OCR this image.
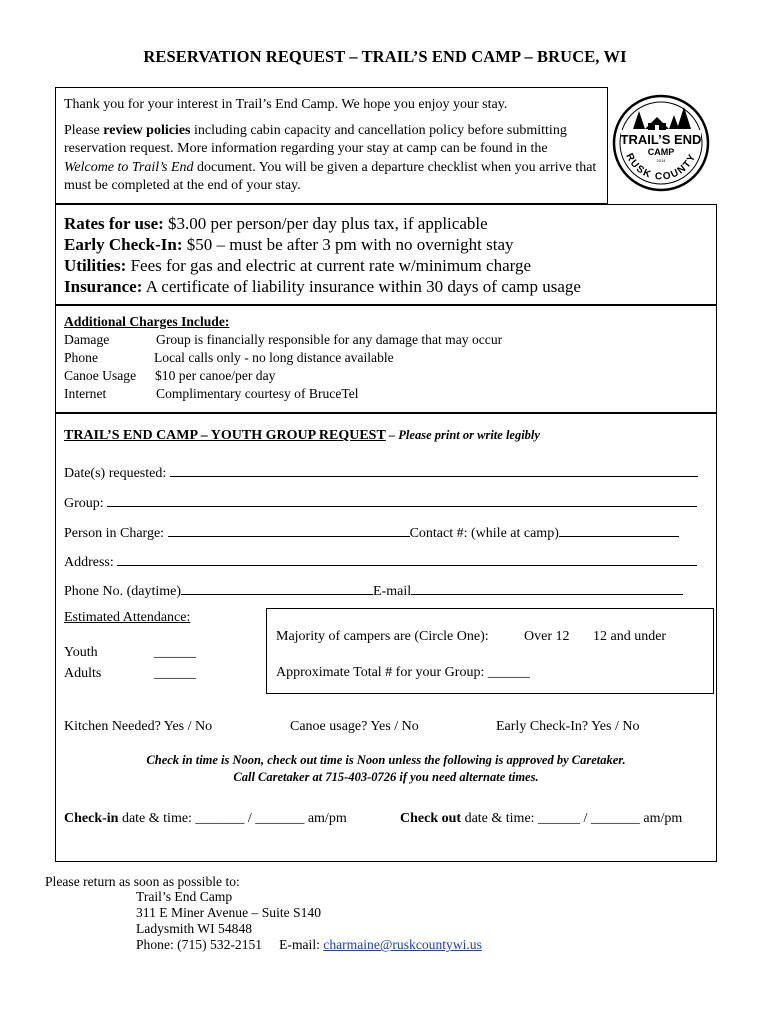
RESERVATION REQUEST – TRAIL’S END CAMP – BRUCE, WI
Thank you for your interest in Trail’s End Camp. We hope you enjoy your stay.

Please review policies including cabin capacity and cancellation policy before submitting reservation request. More information regarding your stay at camp can be found in the Welcome to Trail’s End document. You will be given a departure checklist when you arrive that must be completed at the end of your stay.

TRAIL’S END
CAMP
2014
RUSK COUNTY
Rates for use: $3.00 per person/per day plus tax, if applicable
Early Check-In: $50 – must be after 3 pm with no overnight stay
Utilities: Fees for gas and electric at current rate w/minimum charge
Insurance: A certificate of liability insurance within 30 days of camp usage
Additional Charges Include:
Damage	Group is financially responsible for any damage that may occur
Phone	Local calls only - no long distance available
Canoe Usage $10 per canoe/per day
Internet	Complimentary courtesy of BruceTel
TRAIL’S END CAMP – YOUTH GROUP REQUEST – Please print or write legibly
Date(s) requested:
Group:
Person in Charge:	Contact #: (while at camp)
Address:
Phone No. (daytime)	E-mail
Estimated Attendance:
Youth	______
Adults	______
Majority of campers are (Circle One):	Over 12 12 and under
Approximate Total # for your Group: ______
Kitchen Needed? Yes / No	Canoe usage? Yes / No	Early Check-In? Yes / No
Check in time is Noon, check out time is Noon unless the following is approved by Caretaker.
Call Caretaker at 715-403-0726 if you need alternate times.
Check-in date & time: _______ / _______ am/pm	Check out date & time: ______ / _______ am/pm
Please return as soon as possible to:
Trail’s End Camp
311 E Miner Avenue – Suite S140
Ladysmith WI 54848
Phone: (715) 532-2151 E-mail: charmaine@ruskcountywi.us
